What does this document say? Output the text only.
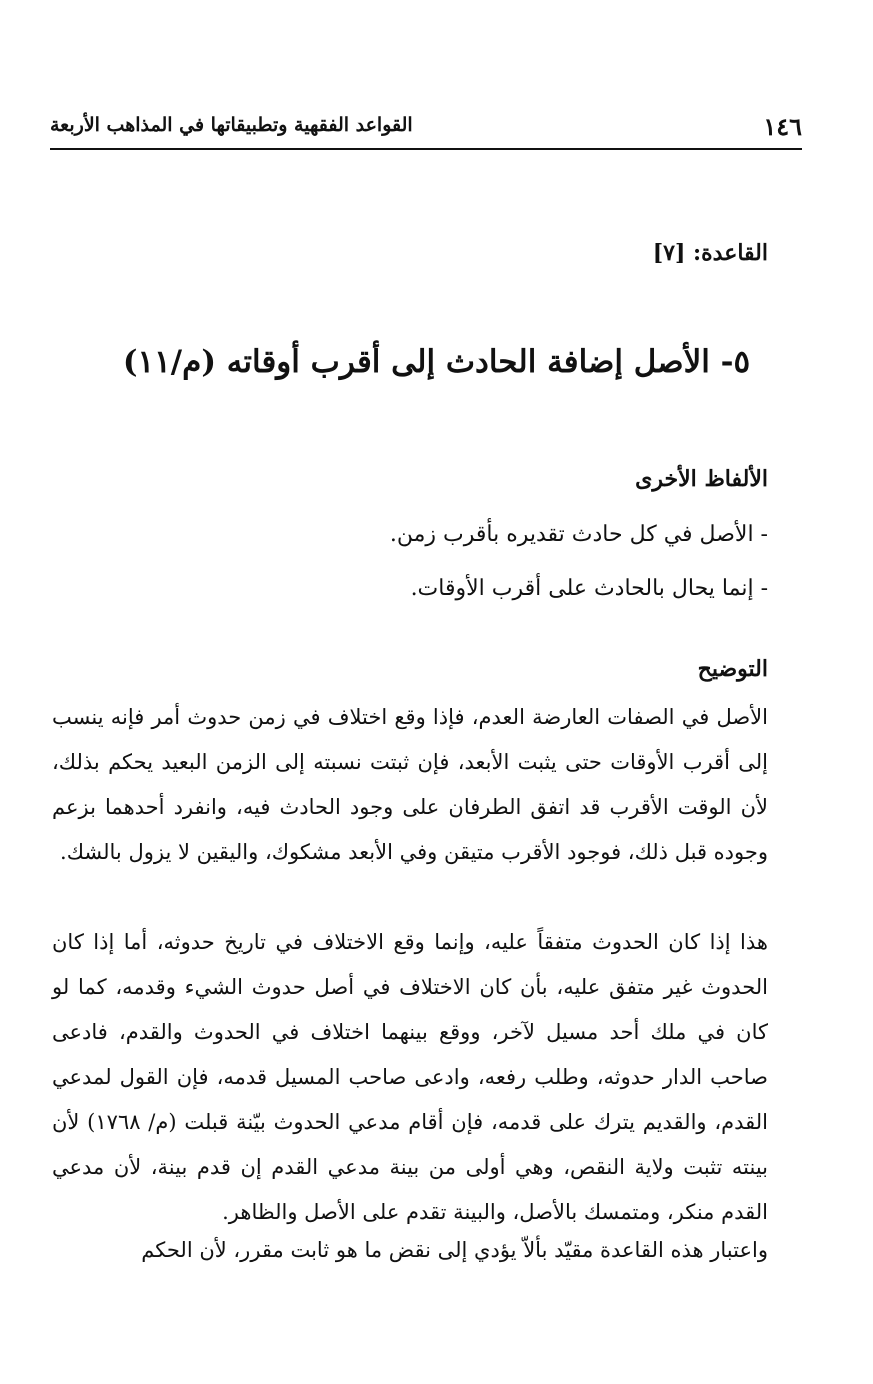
١٤٦
القواعد الفقهية وتطبيقاتها في المذاهب الأربعة
القاعدة: [٧]
٥- الأصل إضافة الحادث إلى أقرب أوقاته (م/١١)
الألفاظ الأخرى
- الأصل في كل حادث تقديره بأقرب زمن.
- إنما يحال بالحادث على أقرب الأوقات.
التوضيح
الأصل في الصفات العارضة العدم، فإذا وقع اختلاف في زمن حدوث أمر فإنه ينسب إلى أقرب الأوقات حتى يثبت الأبعد، فإن ثبتت نسبته إلى الزمن البعيد يحكم بذلك، لأن الوقت الأقرب قد اتفق الطرفان على وجود الحادث فيه، وانفرد أحدهما بزعم وجوده قبل ذلك، فوجود الأقرب متيقن وفي الأبعد مشكوك، واليقين لا يزول بالشك.
هذا إذا كان الحدوث متفقاً عليه، وإنما وقع الاختلاف في تاريخ حدوثه، أما إذا كان الحدوث غير متفق عليه، بأن كان الاختلاف في أصل حدوث الشيء وقدمه، كما لو كان في ملك أحد مسيل لآخر، ووقع بينهما اختلاف في الحدوث والقدم، فادعى صاحب الدار حدوثه، وطلب رفعه، وادعى صاحب المسيل قدمه، فإن القول لمدعي القدم، والقديم يترك على قدمه، فإن أقام مدعي الحدوث بيّنة قبلت (م/ ١٧٦٨) لأن بينته تثبت ولاية النقص، وهي أولى من بينة مدعي القدم إن قدم بينة، لأن مدعي القدم منكر، ومتمسك بالأصل، والبينة تقدم على الأصل والظاهر.
واعتبار هذه القاعدة مقيّد بألاّ يؤدي إلى نقض ما هو ثابت مقرر، لأن الحكم
